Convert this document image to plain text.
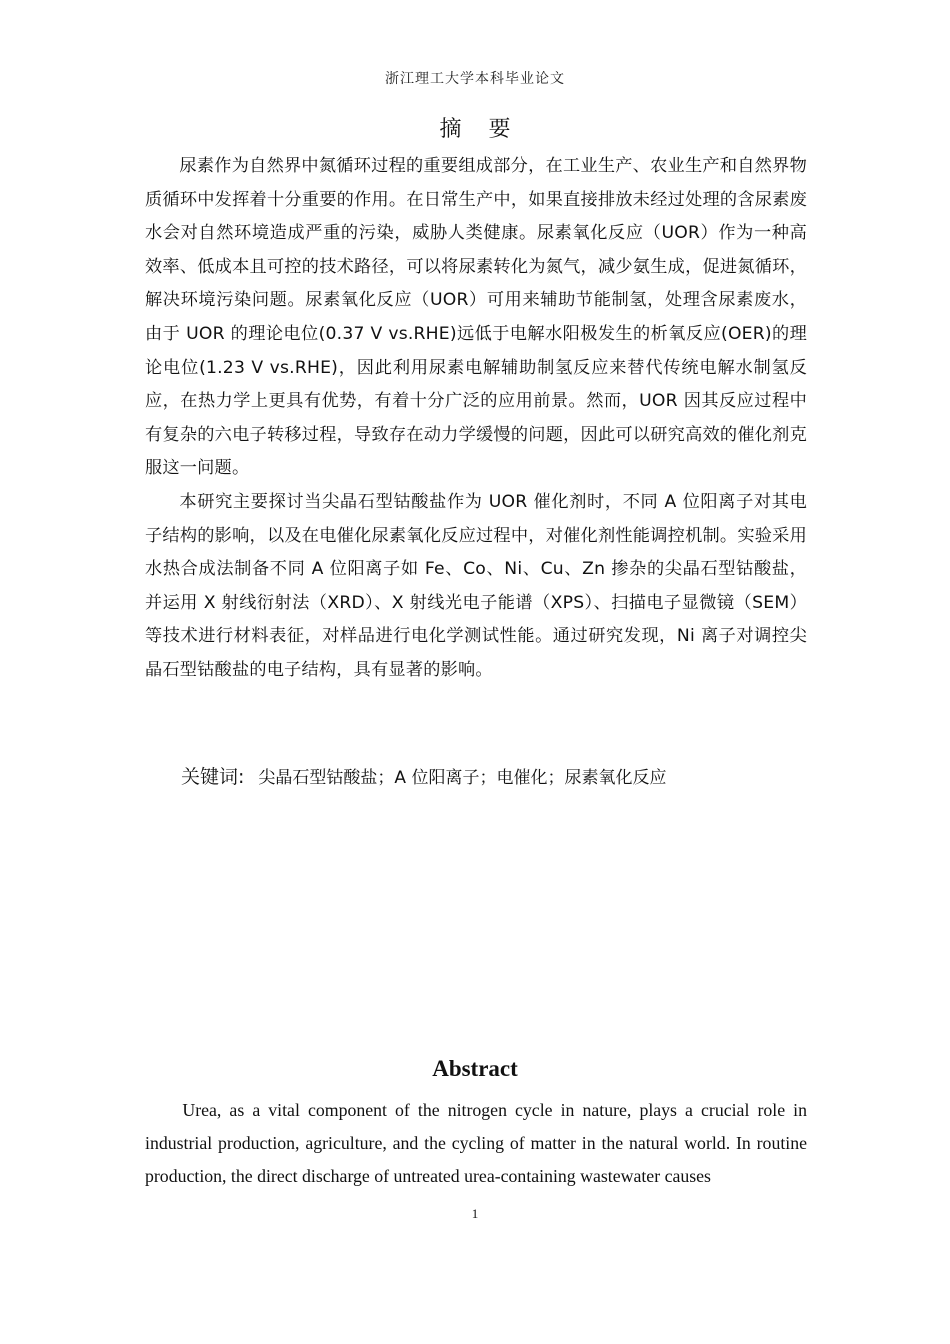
浙江理工大学本科毕业论文
摘 要

尿素作为自然界中氮循环过程的重要组成部分，在工业生产、农业生产和自然界物质循环中发挥着十分重要的作用。在日常生产中，如果直接排放未经过处理的含尿素废水会对自然环境造成严重的污染，威胁人类健康。尿素氧化反应（UOR）作为一种高效率、低成本且可控的技术路径，可以将尿素转化为氮气，减少氨生成，促进氮循环，解决环境污染问题。尿素氧化反应（UOR）可用来辅助节能制氢，处理含尿素废水，由于 UOR 的理论电位(0.37 V vs.RHE)远低于电解水阳极发生的析氧反应(OER)的理论电位(1.23 V vs.RHE)，因此利用尿素电解辅助制氢反应来替代传统电解水制氢反应，在热力学上更具有优势，有着十分广泛的应用前景。然而，UOR 因其反应过程中有复杂的六电子转移过程，导致存在动力学缓慢的问题，因此可以研究高效的催化剂克服这一问题。

本研究主要探讨当尖晶石型钴酸盐作为 UOR 催化剂时，不同 A 位阳离子对其电子结构的影响，以及在电催化尿素氧化反应过程中，对催化剂性能调控机制。实验采用水热合成法制备不同 A 位阳离子如 Fe、Co、Ni、Cu、Zn 掺杂的尖晶石型钴酸盐，并运用 X 射线衍射法（XRD）、X 射线光电子能谱（XPS）、扫描电子显微镜（SEM）等技术进行材料表征，对样品进行电化学测试性能。通过研究发现，Ni 离子对调控尖晶石型钴酸盐的电子结构，具有显著的影响。

关键词: 尖晶石型钴酸盐；A 位阳离子；电催化；尿素氧化反应
Abstract

Urea, as a vital component of the nitrogen cycle in nature, plays a crucial role in industrial production, agriculture, and the cycling of matter in the natural world. In routine production, the direct discharge of untreated urea-containing wastewater causes

1
